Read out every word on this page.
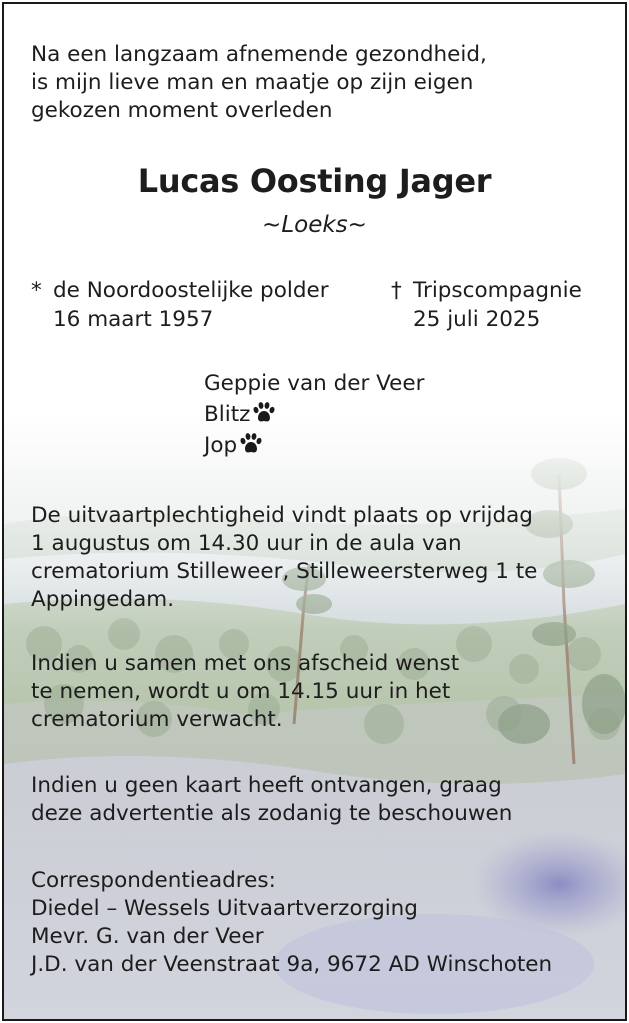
Na een langzaam afnemende gezondheid,
is mijn lieve man en maatje op zijn eigen
gekozen moment overleden
Lucas Oosting Jager
~Loeks~
* de Noordoostelijke polder
16 maart 1957
† Tripscompagnie
25 juli 2025
Geppie van der Veer
Blitz
Jop
De uitvaartplechtigheid vindt plaats op vrijdag
1 augustus om 14.30 uur in de aula van
crematorium Stilleweer, Stilleweersterweg 1 te
Appingedam.
Indien u samen met ons afscheid wenst
te nemen, wordt u om 14.15 uur in het
crematorium verwacht.
Indien u geen kaart heeft ontvangen, graag
deze advertentie als zodanig te beschouwen
Correspondentieadres:
Diedel – Wessels Uitvaartverzorging
Mevr. G. van der Veer
J.D. van der Veenstraat 9a, 9672 AD Winschoten
